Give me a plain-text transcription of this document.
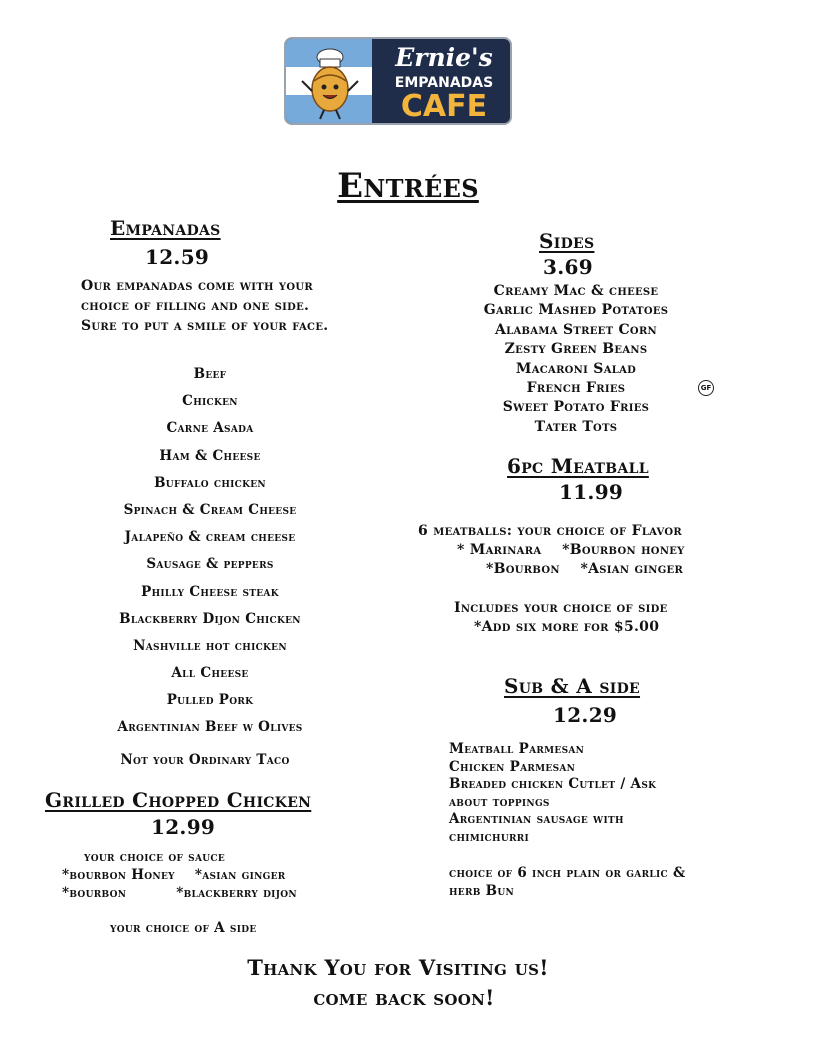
Ernie's
EMPANADAS
CAFE
Entrées
Empanadas
12.59
Our empanadas come with your
choice of filling and one side.
Sure to put a smile of your face.
Beef
Chicken
Carne Asada
Ham & Cheese
Buffalo chicken
Spinach & Cream Cheese
Jalapeño & cream cheese
Sausage & peppers
Philly Cheese steak
Blackberry Dijon Chicken
Nashville hot chicken
All Cheese
Pulled Pork
Argentinian Beef w Olives
Not your Ordinary Taco
Grilled Chopped Chicken
12.99
your choice of sauce
*bourbon Honey    *asian ginger
*bourbon          *blackberry dijon
your choice of A side
Sides
3.69
Creamy Mac & cheese
Garlic Mashed Potatoes
Alabama Street Corn
Zesty Green Beans
Macaroni Salad
French Fries
Sweet Potato Fries
Tater Tots
GF
6pc Meatball
11.99
6 meatballs: your choice of Flavor
* Marinara    *Bourbon honey
*Bourbon    *Asian ginger
Includes your choice of side
*Add six more for $5.00
Sub & A side
12.29
Meatball Parmesan
Chicken Parmesan
Breaded chicken Cutlet / Ask
about toppings
Argentinian sausage with
chimichurri
choice of 6 inch plain or garlic &
herb Bun
Thank You for Visiting us!
come back soon!
